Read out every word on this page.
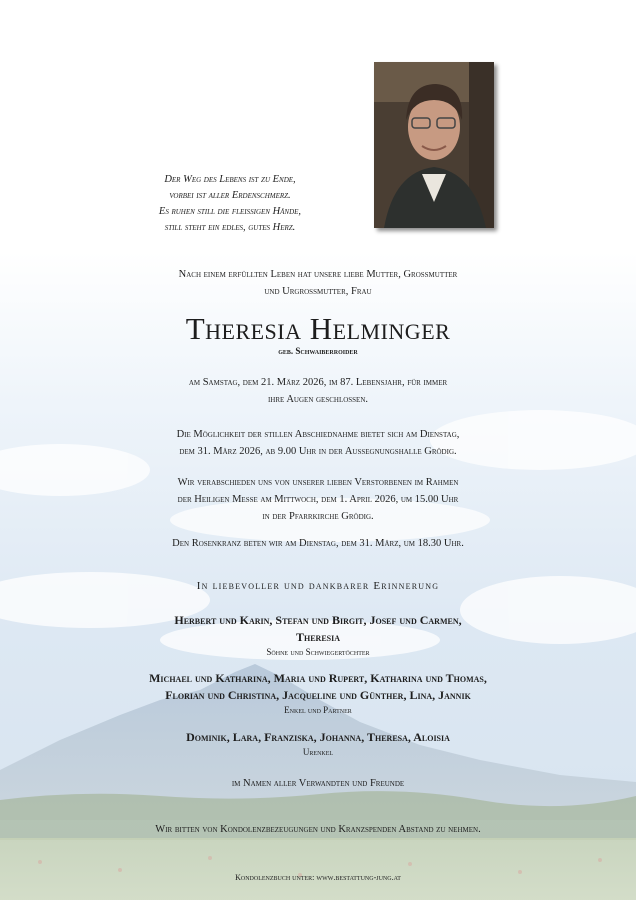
Der Weg des Lebens ist zu Ende,
vorbei ist aller Erdenschmerz.
Es ruhen still die fleissigen Hände,
still steht ein edles, gutes Herz.
Nach einem erfüllten Leben hat unsere liebe Mutter, Grossmutter
und Urgrossmutter, Frau
Theresia Helminger
geb. Schwaiberroider
am Samstag, dem 21. März 2026, im 87. Lebensjahr, für immer
ihre Augen geschlossen.
Die Möglichkeit der stillen Abschiednahme bietet sich am Dienstag,
dem 31. März 2026, ab 9.00 Uhr in der Aussegnungshalle Grödig.
Wir verabschieden uns von unserer lieben Verstorbenen im Rahmen
der Heiligen Messe am Mittwoch, dem 1. April 2026, um 15.00 Uhr
in der Pfarrkirche Grödig.
Den Rosenkranz beten wir am Dienstag, dem 31. März, um 18.30 Uhr.
In liebevoller und dankbarer Erinnerung
Herbert und Karin, Stefan und Birgit, Josef und Carmen,
Theresia
Söhne und Schwiegertöchter
Michael und Katharina, Maria und Rupert, Katharina und Thomas,
Florian und Christina, Jacqueline und Günther, Lina, Jannik
Enkel und Partner
Dominik, Lara, Franziska, Johanna, Theresa, Aloisia
Urenkel
im Namen aller Verwandten und Freunde
Wir bitten von Kondolenzbezeugungen und Kranzspenden Abstand zu nehmen.
Kondolenzbuch unter: www.bestattung-jung.at
